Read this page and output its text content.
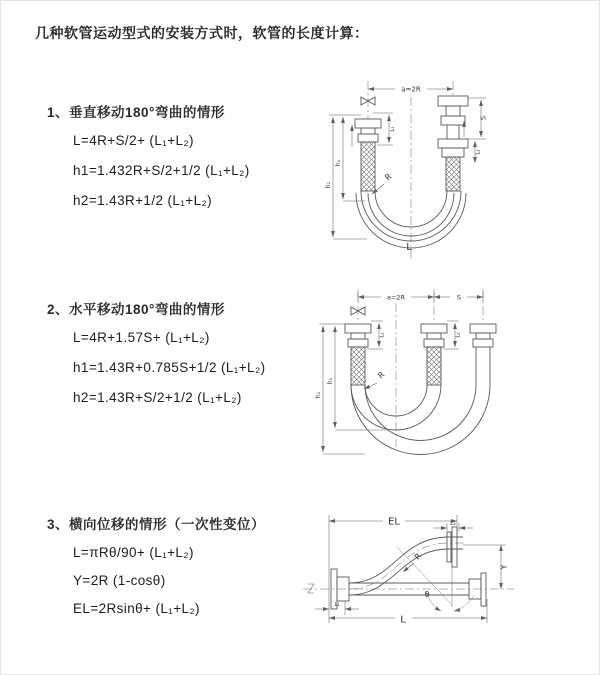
几种软管运动型式的安装方式时，软管的长度计算：
1、垂直移动180°弯曲的情形
L=4R+S/2+ (L₁+L₂)
h1=1.432R+S/2+1/2 (L₁+L₂)
h2=1.43R+1/2 (L₁+L₂)
2、水平移动180°弯曲的情形
L=4R+1.57S+ (L₁+L₂)
h1=1.43R+0.785S+1/2 (L₁+L₂)
h2=1.43R+S/2+1/2 (L₁+L₂)
3、横向位移的情形（一次性变位）
L=πRθ/90+ (L₁+L₂)
Y=2R (1-cosθ)
EL=2Rsinθ+ (L₁+L₂)
a=2R
L₁
S
L₂
R
h₁
h₂
L
a=2R	S
L₁	L₂
R
h₁
h₂
EL	L₂
Y
θ
R
L₁
L
